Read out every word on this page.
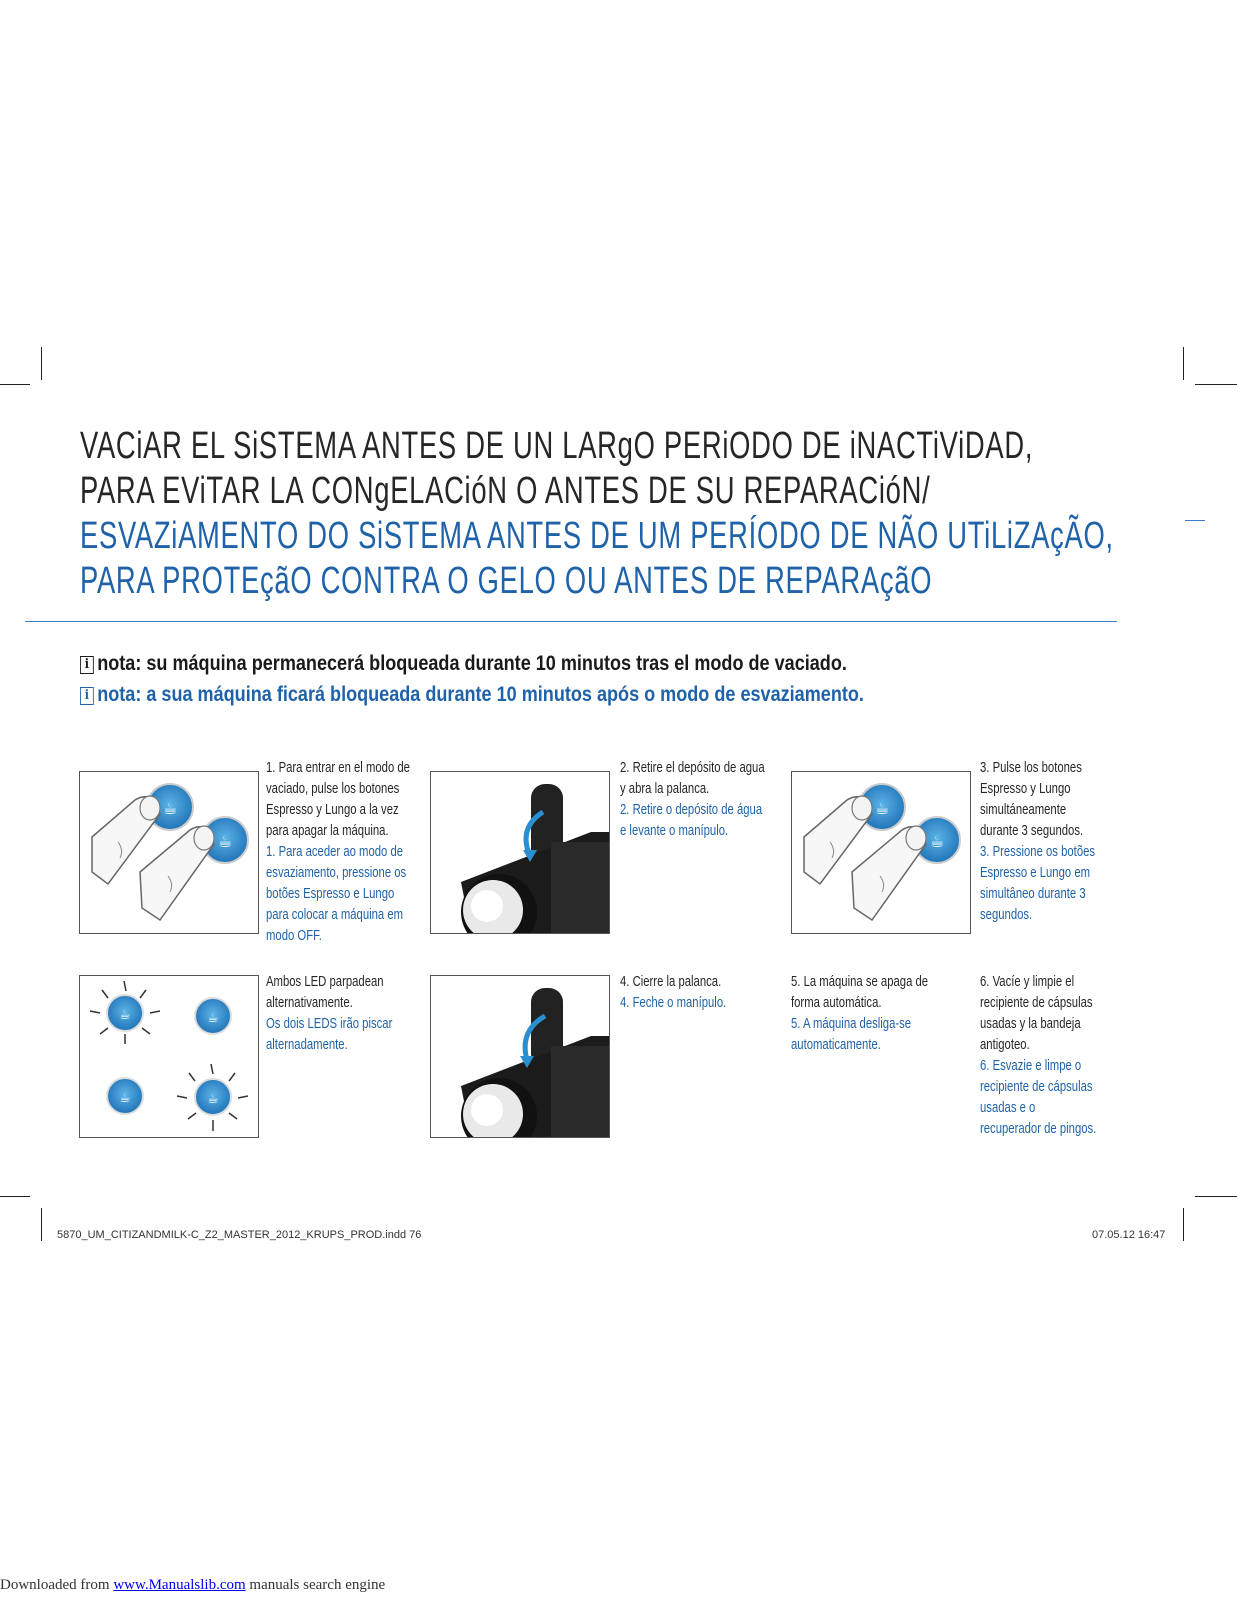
VACiAR EL SiSTEMA ANTES DE UN LARgO PERiODO DE iNACTiViDAD,
PARA EViTAR LA CONgELACióN O ANTES DE SU REPARACióN/
ESVAZiAMENTO DO SiSTEMA ANTES DE UM PERÍODO DE NÃO UTiLiZAçÃO,
PARA PROTEçãO CONTRA O GELO OU ANTES DE REPARAçãO
i nota: su máquina permanecerá bloqueada durante 10 minutos tras el modo de vaciado.
i nota: a sua máquina ficará bloqueada durante 10 minutos após o modo de esvaziamento.
☕
☕
1. Para entrar en el modo de vaciado, pulse los botones Espresso y Lungo a la vez para apagar la máquina.
1. Para aceder ao modo de esvaziamento, pressione os botões Espresso e Lungo para colocar a máquina em modo OFF.
2. Retire el depósito de agua y abra la palanca.
2. Retire o depósito de água e levante o manípulo.
☕
☕
3. Pulse los botones Espresso y Lungo simultáneamente durante 3 segundos.
3. Pressione os botões Espresso e Lungo em simultâneo durante 3 segundos.
☕	☕
☕	☕
Ambos LED parpadean alternativamente.
Os dois LEDS irão piscar alternadamente.
4. Cierre la palanca.
4. Feche o manípulo.
5. La máquina se apaga de forma automática.
5. A máquina desliga-se automaticamente.
6. Vacíe y limpie el recipiente de cápsulas usadas y la bandeja antigoteo.
6. Esvazie e limpe o recipiente de cápsulas usadas e o recuperador de pingos.
5870_UM_CITIZANDMILK-C_Z2_MASTER_2012_KRUPS_PROD.indd 76	07.05.12 16:47
Downloaded from www.Manualslib.com manuals search engine
